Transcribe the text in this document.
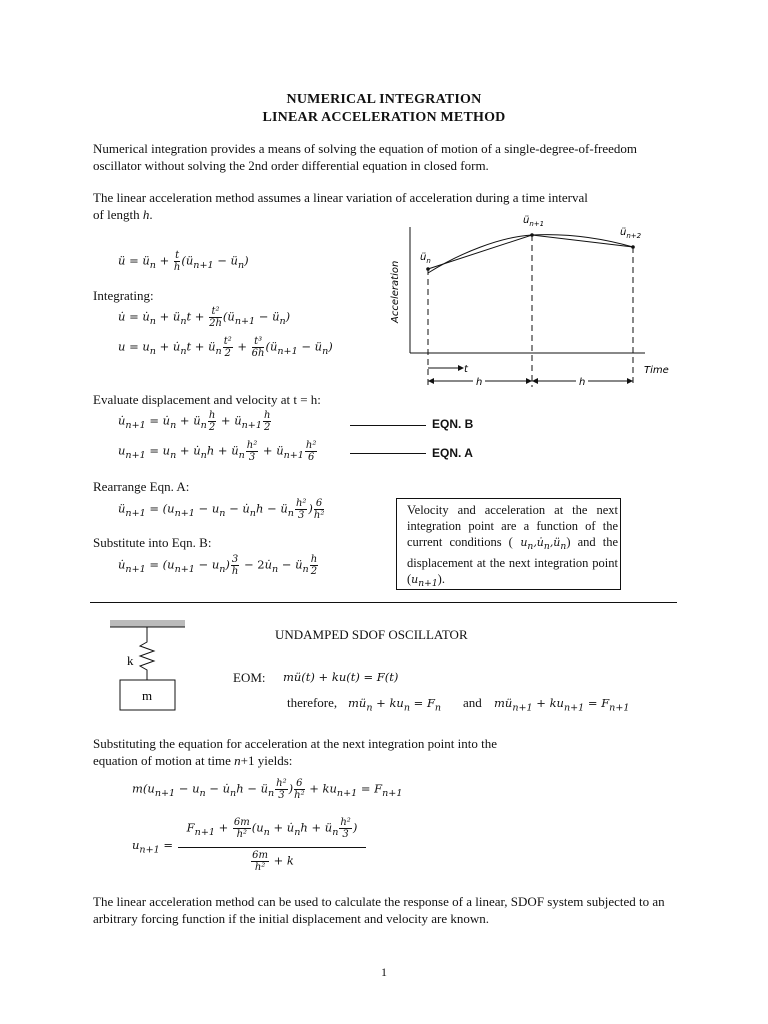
NUMERICAL INTEGRATION
LINEAR ACCELERATION METHOD
Numerical integration provides a means of solving the equation of motion of a single-degree-of-freedom oscillator without solving the 2nd order differential equation in closed form.
The linear acceleration method assumes a linear variation of acceleration during a time interval
of length h.
ü = $ü_n + \frac{t}{h}$ ($ü_{n+1}$ − $ü_n$)
Integrating:
u̇ = $u̇_n$ + $ü_nt + \frac{\text{t²}}{2h}$ ($ü_{n+1}$ − $ü_n$)
$u = u_n$ + $u̇_nt$ + $ü_n \frac{\text{t²}}{2} + \frac{\text{t³}}{6h}$ ($ü_{n+1}$ − $ü_n$)
$ü_n$
$ü_{n+1}$
$ü_{n+2}$
Acceleration
Time
t
h	h
Evaluate displacement and velocity at t = h:
$u̇_{n+1}$ = $u̇_n$ + $ü_n \frac{h}{2}$ + $ü_{n+1} \frac{h}{2}$	EQN. B
$u_{n+1} = u_n$ + $u̇_nh$ + $ü_n \frac{\text{h²}}{3}$ + $ü_{n+1} \frac{\text{h²}}{6}$	EQN. A
Rearrange Eqn. A:
$ü_{n+1} = (u_{n+1} - u_n$ − $u̇_nh$ − $ü_n \frac{\text{h²}}{3}$ ) $\frac{6}{\text{h²}}$
Substitute into Eqn. B:
$u̇_{n+1} = (u_{n+1} - u_n) \frac{3}{h}$ − $2u̇_n$ − $ü_n \frac{h}{2}$
Velocity and acceleration at the next integration point are a function of the current conditions ( $u_n,u̇_n,ü_n$) and the displacement at the next integration point $(u_{n+1})$.
k
m
UNDAMPED SDOF OSCILLATOR
EOM: mü(t) + ku(t) = F(t)
therefore, $mü_n + ku_n = F_n$ and $mü_{n+1} + ku_{n+1} = F_{n+1}$
Substituting the equation for acceleration at the next integration point into the
equation of motion at time n+1 yields:
$m(u_{n+1} - u_n$ − $u̇_nh$ − $ü_n \frac{\text{h²}}{3}$ ) $\frac{6}{\text{h²}} + ku_{n+1} = F_{n+1}$
$u_{n+1}$ =
$F_{n+1} + \frac{6m}{\text{h²}} (u_n$ + $u̇_nh$ + $ü_n \frac{\text{h²}}{3}$ )
$\frac{6m}{\text{h²}} + k$
The linear acceleration method can be used to calculate the response of a linear, SDOF system subjected to an arbitrary forcing function if the initial displacement and velocity are known.
1
